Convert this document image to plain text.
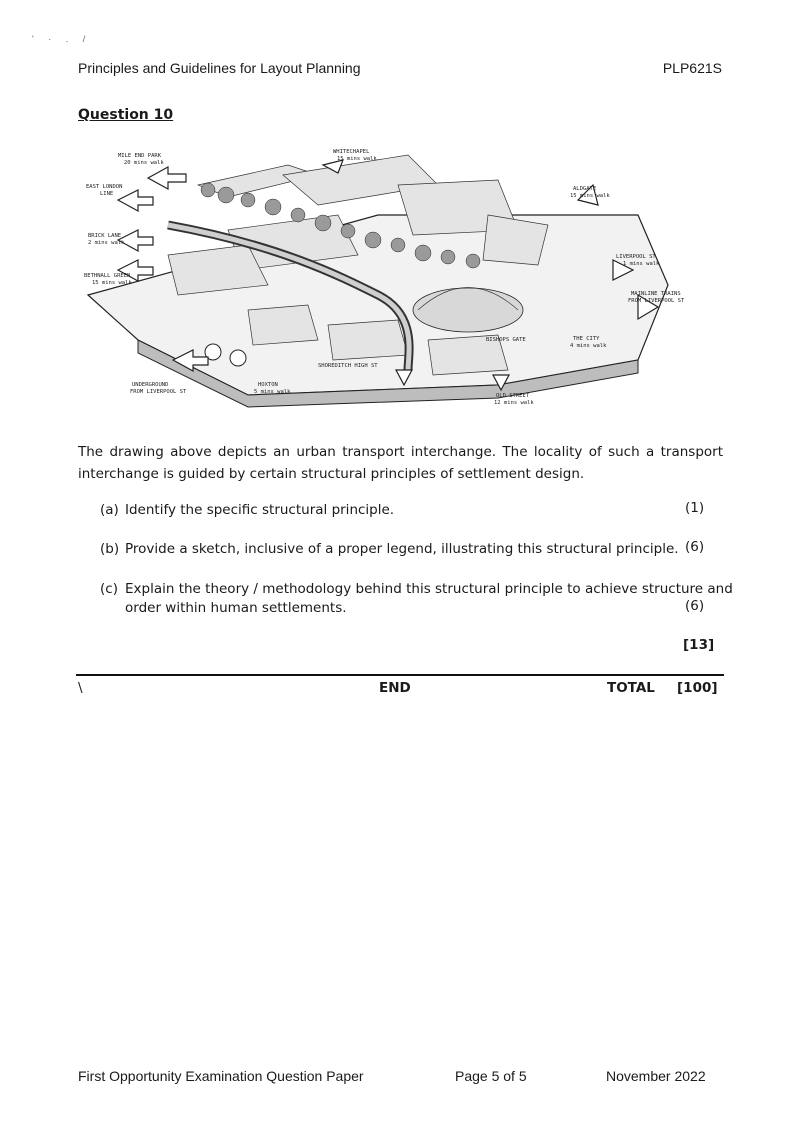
' · . /
Principles and Guidelines for Layout Planning	PLP621S
Question 10
MILE END PARK
20 mins walk
WHITECHAPEL
15 mins walk
EAST LONDON
LINE
ALDGATE
15 mins walk
BRICK LANE
2 mins walk
BETHNALL GREEN
15 mins walk
LIVERPOOL ST
1 mins walk
MAINLINE TRAINS
FROM LIVERPOOL ST
THE CITY
4 mins walk
BISHOPS GATE
SHOREDITCH HIGH ST
UNDERGROUND
FROM LIVERPOOL ST
HOXTON
5 mins walk
OLD STREET
12 mins walk
The drawing above depicts an urban transport interchange. The locality of such a transport interchange is guided by certain structural principles of settlement design.
(a) Identify the specific structural principle.	(1)
(b) Provide a sketch, inclusive of a proper legend, illustrating this structural principle. (6)
(c) Explain the theory / methodology behind this structural principle to achieve structure and
order within human settlements.	(6)
[13]
\	END	TOTAL [100]
First Opportunity Examination Question Paper	Page 5 of 5	November 2022
